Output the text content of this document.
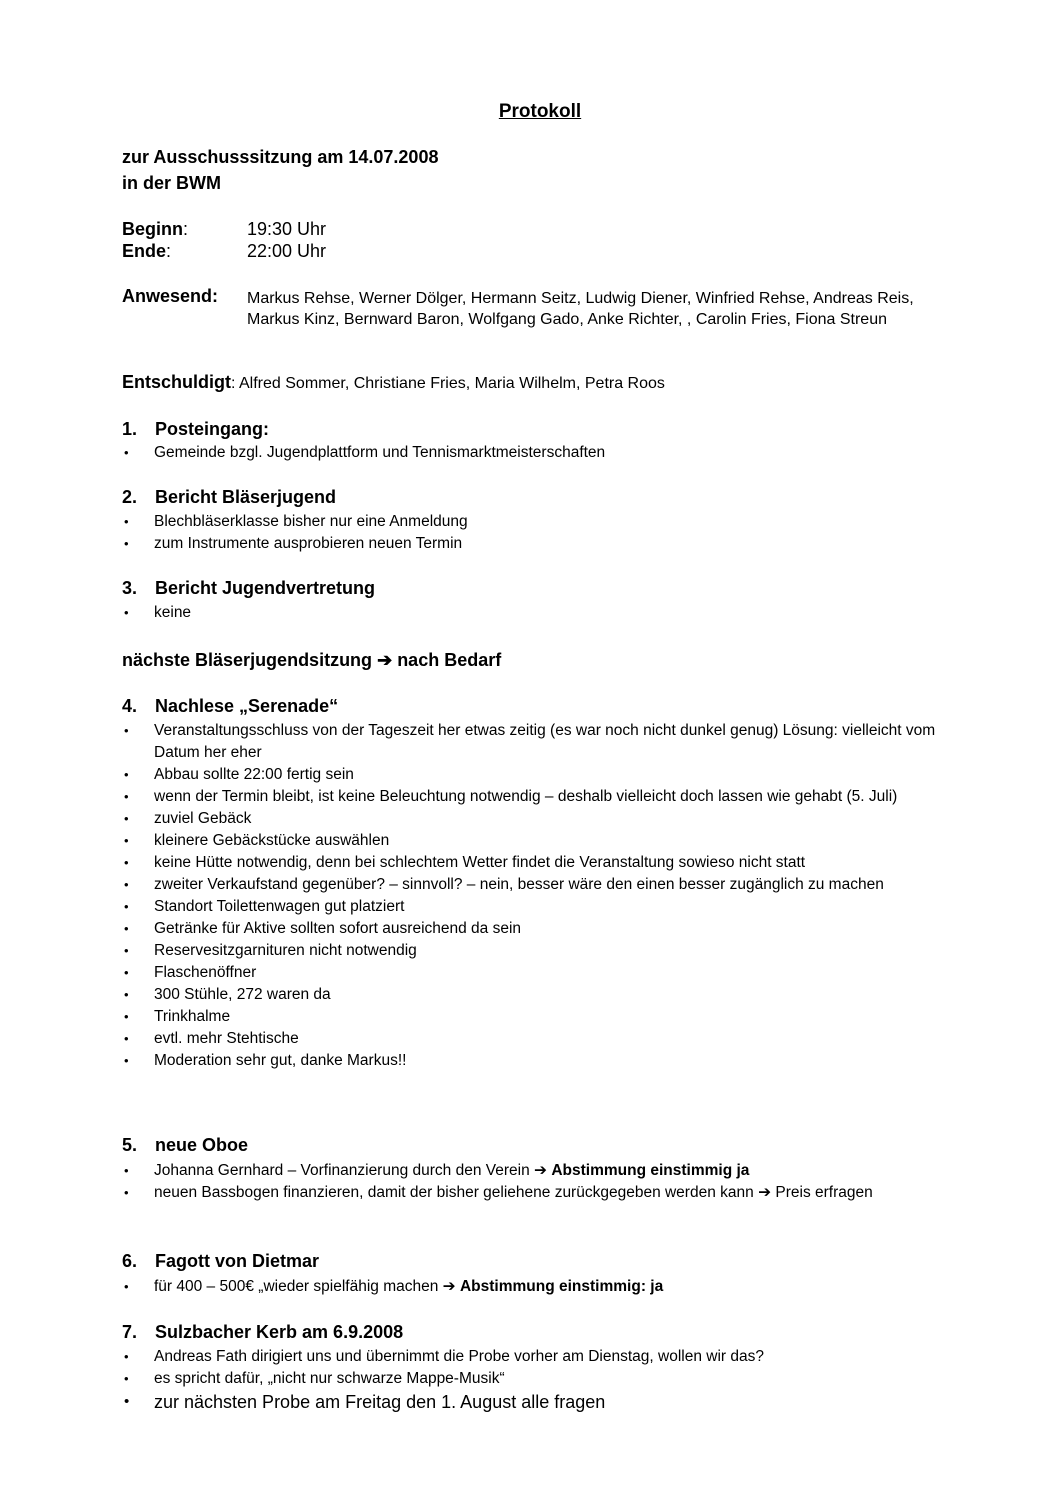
Protokoll
zur Ausschusssitzung am 14.07.2008
in der BWM
Beginn:	19:30 Uhr
Ende:	22:00 Uhr
Anwesend: Markus Rehse, Werner Dölger, Hermann Seitz, Ludwig Diener, Winfried Rehse, Andreas Reis, Markus Kinz, Bernward Baron, Wolfgang Gado, Anke Richter, , Carolin Fries, Fiona Streun
Entschuldigt: Alfred Sommer, Christiane Fries, Maria Wilhelm, Petra Roos
1. Posteingang:
• Gemeinde bzgl. Jugendplattform und Tennismarktmeisterschaften
2. Bericht Bläserjugend
• Blechbläserklasse bisher nur eine Anmeldung
• zum Instrumente ausprobieren neuen Termin
3. Bericht Jugendvertretung
• keine
nächste Bläserjugendsitzung ➔ nach Bedarf
4. Nachlese „Serenade“
• Veranstaltungsschluss von der Tageszeit her etwas zeitig (es war noch nicht dunkel genug) Lösung: vielleicht vom Datum her eher
• Abbau sollte 22:00 fertig sein
• wenn der Termin bleibt, ist keine Beleuchtung notwendig – deshalb vielleicht doch lassen wie gehabt (5. Juli)
• zuviel Gebäck
• kleinere Gebäckstücke auswählen
• keine Hütte notwendig, denn bei schlechtem Wetter findet die Veranstaltung sowieso nicht statt
• zweiter Verkaufstand gegenüber? – sinnvoll? – nein, besser wäre den einen besser zugänglich zu machen
• Standort Toilettenwagen gut platziert
• Getränke für Aktive sollten sofort ausreichend da sein
• Reservesitzgarnituren nicht notwendig
• Flaschenöffner
• 300 Stühle, 272 waren da
• Trinkhalme
• evtl. mehr Stehtische
• Moderation sehr gut, danke Markus!!
5. neue Oboe
• Johanna Gernhard – Vorfinanzierung durch den Verein ➔ Abstimmung einstimmig ja
• neuen Bassbogen finanzieren, damit der bisher geliehene zurückgegeben werden kann ➔ Preis erfragen
6. Fagott von Dietmar
• für 400 – 500€ „wieder spielfähig machen ➔ Abstimmung einstimmig: ja
7. Sulzbacher Kerb am 6.9.2008
• Andreas Fath dirigiert uns und übernimmt die Probe vorher am Dienstag, wollen wir das?
• es spricht dafür, „nicht nur schwarze Mappe-Musik“
• zur nächsten Probe am Freitag den 1. August alle fragen
